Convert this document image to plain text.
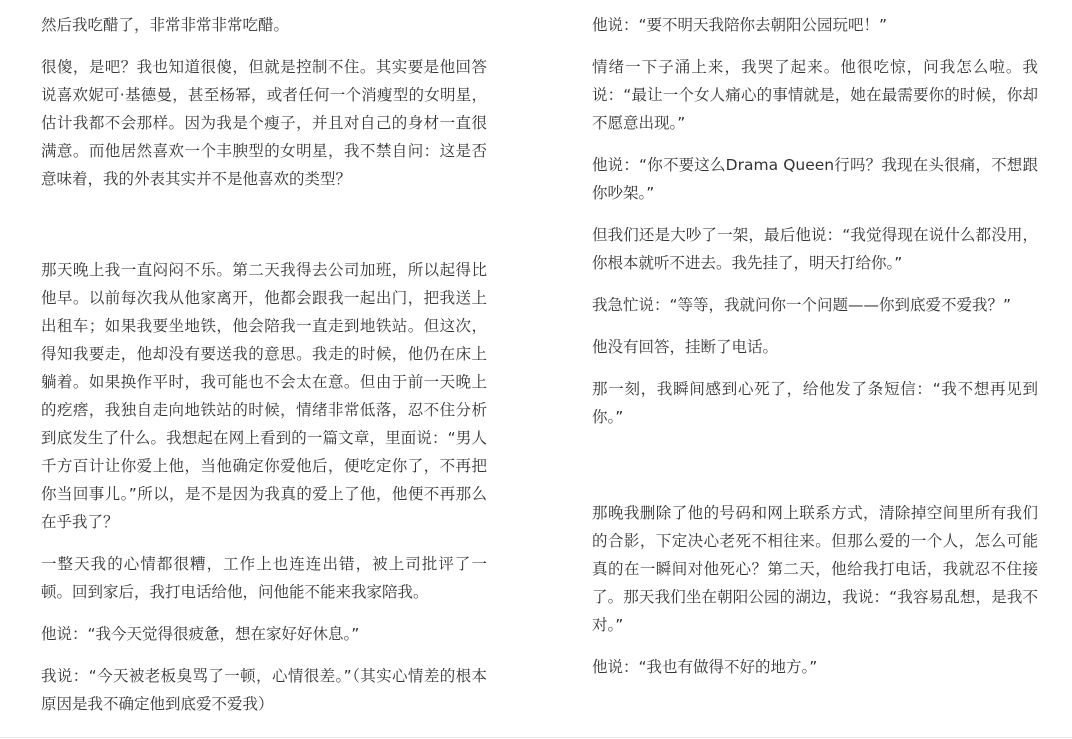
然后我吃醋了，非常非常非常吃醋。

很傻，是吧？我也知道很傻，但就是控制不住。其实要是他回答说喜欢妮可·基德曼，甚至杨幂，或者任何一个消瘦型的女明星，估计我都不会那样。因为我是个瘦子，并且对自己的身材一直很满意。而他居然喜欢一个丰腴型的女明星，我不禁自问：这是否意味着，我的外表其实并不是他喜欢的类型？

那天晚上我一直闷闷不乐。第二天我得去公司加班，所以起得比他早。以前每次我从他家离开，他都会跟我一起出门，把我送上出租车；如果我要坐地铁，他会陪我一直走到地铁站。但这次，得知我要走，他却没有要送我的意思。我走的时候，他仍在床上躺着。如果换作平时，我可能也不会太在意。但由于前一天晚上的疙瘩，我独自走向地铁站的时候，情绪非常低落，忍不住分析到底发生了什么。我想起在网上看到的一篇文章，里面说：“男人千方百计让你爱上他，当他确定你爱他后，便吃定你了，不再把你当回事儿。”所以，是不是因为我真的爱上了他，他便不再那么在乎我了？

一整天我的心情都很糟，工作上也连连出错，被上司批评了一顿。回到家后，我打电话给他，问他能不能来我家陪我。

他说：“我今天觉得很疲惫，想在家好好休息。”

我说：“今天被老板臭骂了一顿，心情很差。”（其实心情差的根本原因是我不确定他到底爱不爱我）

他说：“要不明天我陪你去朝阳公园玩吧！”

情绪一下子涌上来，我哭了起来。他很吃惊，问我怎么啦。我说：“最让一个女人痛心的事情就是，她在最需要你的时候，你却不愿意出现。”

他说：“你不要这么Drama Queen行吗？我现在头很痛，不想跟你吵架。”

但我们还是大吵了一架，最后他说：“我觉得现在说什么都没用，你根本就听不进去。我先挂了，明天打给你。”

我急忙说：“等等，我就问你一个问题——你到底爱不爱我？”

他没有回答，挂断了电话。

那一刻，我瞬间感到心死了，给他发了条短信：“我不想再见到你。”

那晚我删除了他的号码和网上联系方式，清除掉空间里所有我们的合影，下定决心老死不相往来。但那么爱的一个人，怎么可能真的在一瞬间对他死心？第二天，他给我打电话，我就忍不住接了。那天我们坐在朝阳公园的湖边，我说：“我容易乱想，是我不对。”

他说：“我也有做得不好的地方。”
